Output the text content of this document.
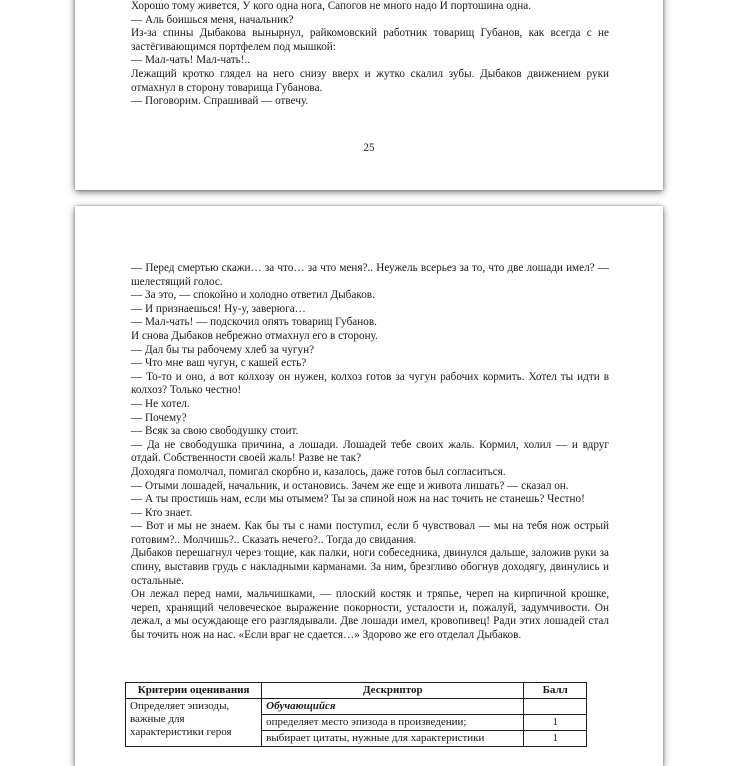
Хорошо тому живется, У кого одна нога, Сапогов не много надо И портошина одна.

— Аль боишься меня, начальник?

Из-за спины Дыбакова вынырнул, райкомовский работник товарищ Губанов, как всегда с не застёгивающимся портфелем под мышкой:

— Мал-чать! Мал-чать!..

Лежащий кротко глядел на него снизу вверх и жутко скалил зубы. Дыбаков движением руки отмахнул в сторону товарища Губанова.

— Поговорим. Спрашивай — отвечу.

25

— Перед смертью скажи… за что… за что меня?.. Неужель всерьез за то, что две лошади имел? — шелестящий голос.

— За это, — спокойно и холодно ответил Дыбаков.

— И признаешься! Ну-у, заверюга…

— Мал-чать! — подскочил опять товарищ Губанов.

И снова Дыбаков небрежно отмахнул его в сторону.

— Дал бы ты рабочему хлеб за чугун?

— Что мне ваш чугун, с кашей есть?

— То-то и оно, а вот колхозу он нужен, колхоз готов за чугун рабочих кормить. Хотел ты идти в колхоз? Только честно!

— Не хотел.

— Почему?

— Всяк за свою свободушку стоит.

— Да не свободушка причина, а лошади. Лошадей тебе своих жаль. Кормил, холил — и вдруг отдай. Собственности своей жаль! Разве не так?

Доходяга помолчал, помигал скорбно и, казалось, даже готов был согласиться.

— Отыми лошадей, начальник, и остановись. Зачем же еще и живота лишать? — сказал он.

— А ты простишь нам, если мы отымем? Ты за спиной нож на нас точить не станешь? Честно!

— Кто знает.

— Вот и мы не знаем. Как бы ты с нами поступил, если б чувствовал — мы на тебя нож острый готовим?.. Молчишь?.. Сказать нечего?.. Тогда до свидания.

Дыбаков перешагнул через тощие, как палки, ноги собеседника, двинулся дальше, заложив руки за спину, выставив грудь с накладными карманами. За ним, брезгливо обогнув доходягу, двинулись и остальные.

Он лежал перед нами, мальчишками, — плоский костяк и тряпье, череп на кирпичной крошке, череп, хранящий человеческое выражение покорности, усталости и, пожалуй, задумчивости. Он лежал, а мы осуждающе его разглядывали. Две лошади имел, кровопивец! Ради этих лошадей стал бы точить нож на нас. «Если враг не сдается…» Здорово же его отделал Дыбаков.

Критерии оценивания	Дескриптор	Балл

Определяет эпизоды, важные для
характеристики героя	Обучающийся	
	определяет место эпизода в произведении;	1
	выбирает цитаты, нужные для характеристики	1
